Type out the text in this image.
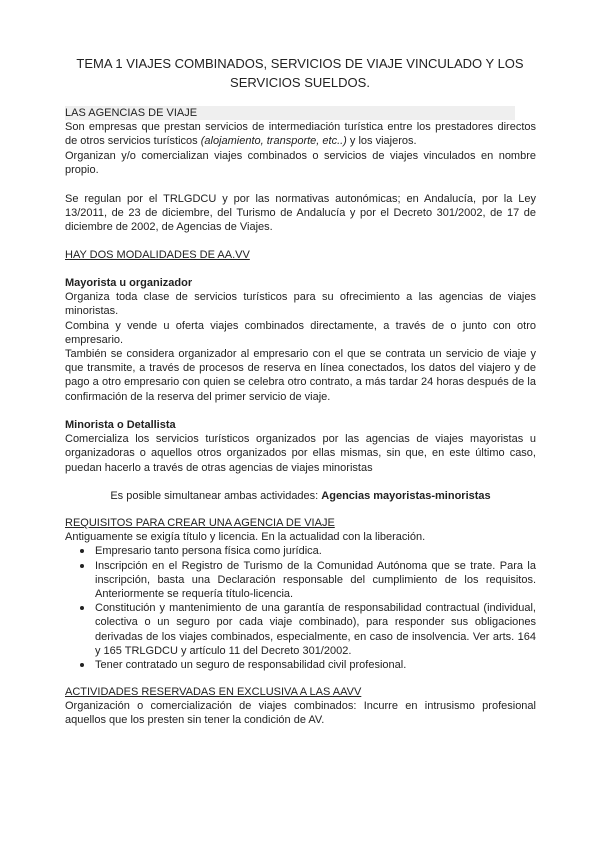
TEMA 1 VIAJES COMBINADOS, SERVICIOS DE VIAJE VINCULADO Y LOS SERVICIOS SUELDOS.

LAS AGENCIAS DE VIAJE

Son empresas que prestan servicios de intermediación turística entre los prestadores directos de otros servicios turísticos (alojamiento, transporte, etc..) y los viajeros.

Organizan y/o comercializan viajes combinados o servicios de viajes vinculados en nombre propio.

Se regulan por el TRLGDCU y por las normativas autonómicas; en Andalucía, por la Ley 13/2011, de 23 de diciembre, del Turismo de Andalucía y por el Decreto 301/2002, de 17 de diciembre de 2002, de Agencias de Viajes.
HAY DOS MODALIDADES DE AA.VV

Mayorista u organizador

Organiza toda clase de servicios turísticos para su ofrecimiento a las agencias de viajes minoristas.

Combina y vende u oferta viajes combinados directamente, a través de o junto con otro empresario.

También se considera organizador al empresario con el que se contrata un servicio de viaje y que transmite, a través de procesos de reserva en línea conectados, los datos del viajero y de pago a otro empresario con quien se celebra otro contrato, a más tardar 24 horas después de la confirmación de la reserva del primer servicio de viaje.

Minorista o Detallista

Comercializa los servicios turísticos organizados por las agencias de viajes mayoristas u organizadoras o aquellos otros organizados por ellas mismas, sin que, en este último caso, puedan hacerlo a través de otras agencias de viajes minoristas

Es posible simultanear ambas actividades: Agencias mayoristas-minoristas

REQUISITOS PARA CREAR UNA AGENCIA DE VIAJE

Antiguamente se exigía título y licencia. En la actualidad con la liberación.

Empresario tanto persona física como jurídica.
Inscripción en el Registro de Turismo de la Comunidad Autónoma que se trate. Para la inscripción, basta una Declaración responsable del cumplimiento de los requisitos. Anteriormente se requería título-licencia.
Constitución y mantenimiento de una garantía de responsabilidad contractual (individual, colectiva o un seguro por cada viaje combinado), para responder sus obligaciones derivadas de los viajes combinados, especialmente, en caso de insolvencia. Ver arts. 164 y 165 TRLGDCU y artículo 11 del Decreto 301/2002.
Tener contratado un seguro de responsabilidad civil profesional.

ACTIVIDADES RESERVADAS EN EXCLUSIVA A LAS AAVV

Organización o comercialización de viajes combinados: Incurre en intrusismo profesional aquellos que los presten sin tener la condición de AV.
